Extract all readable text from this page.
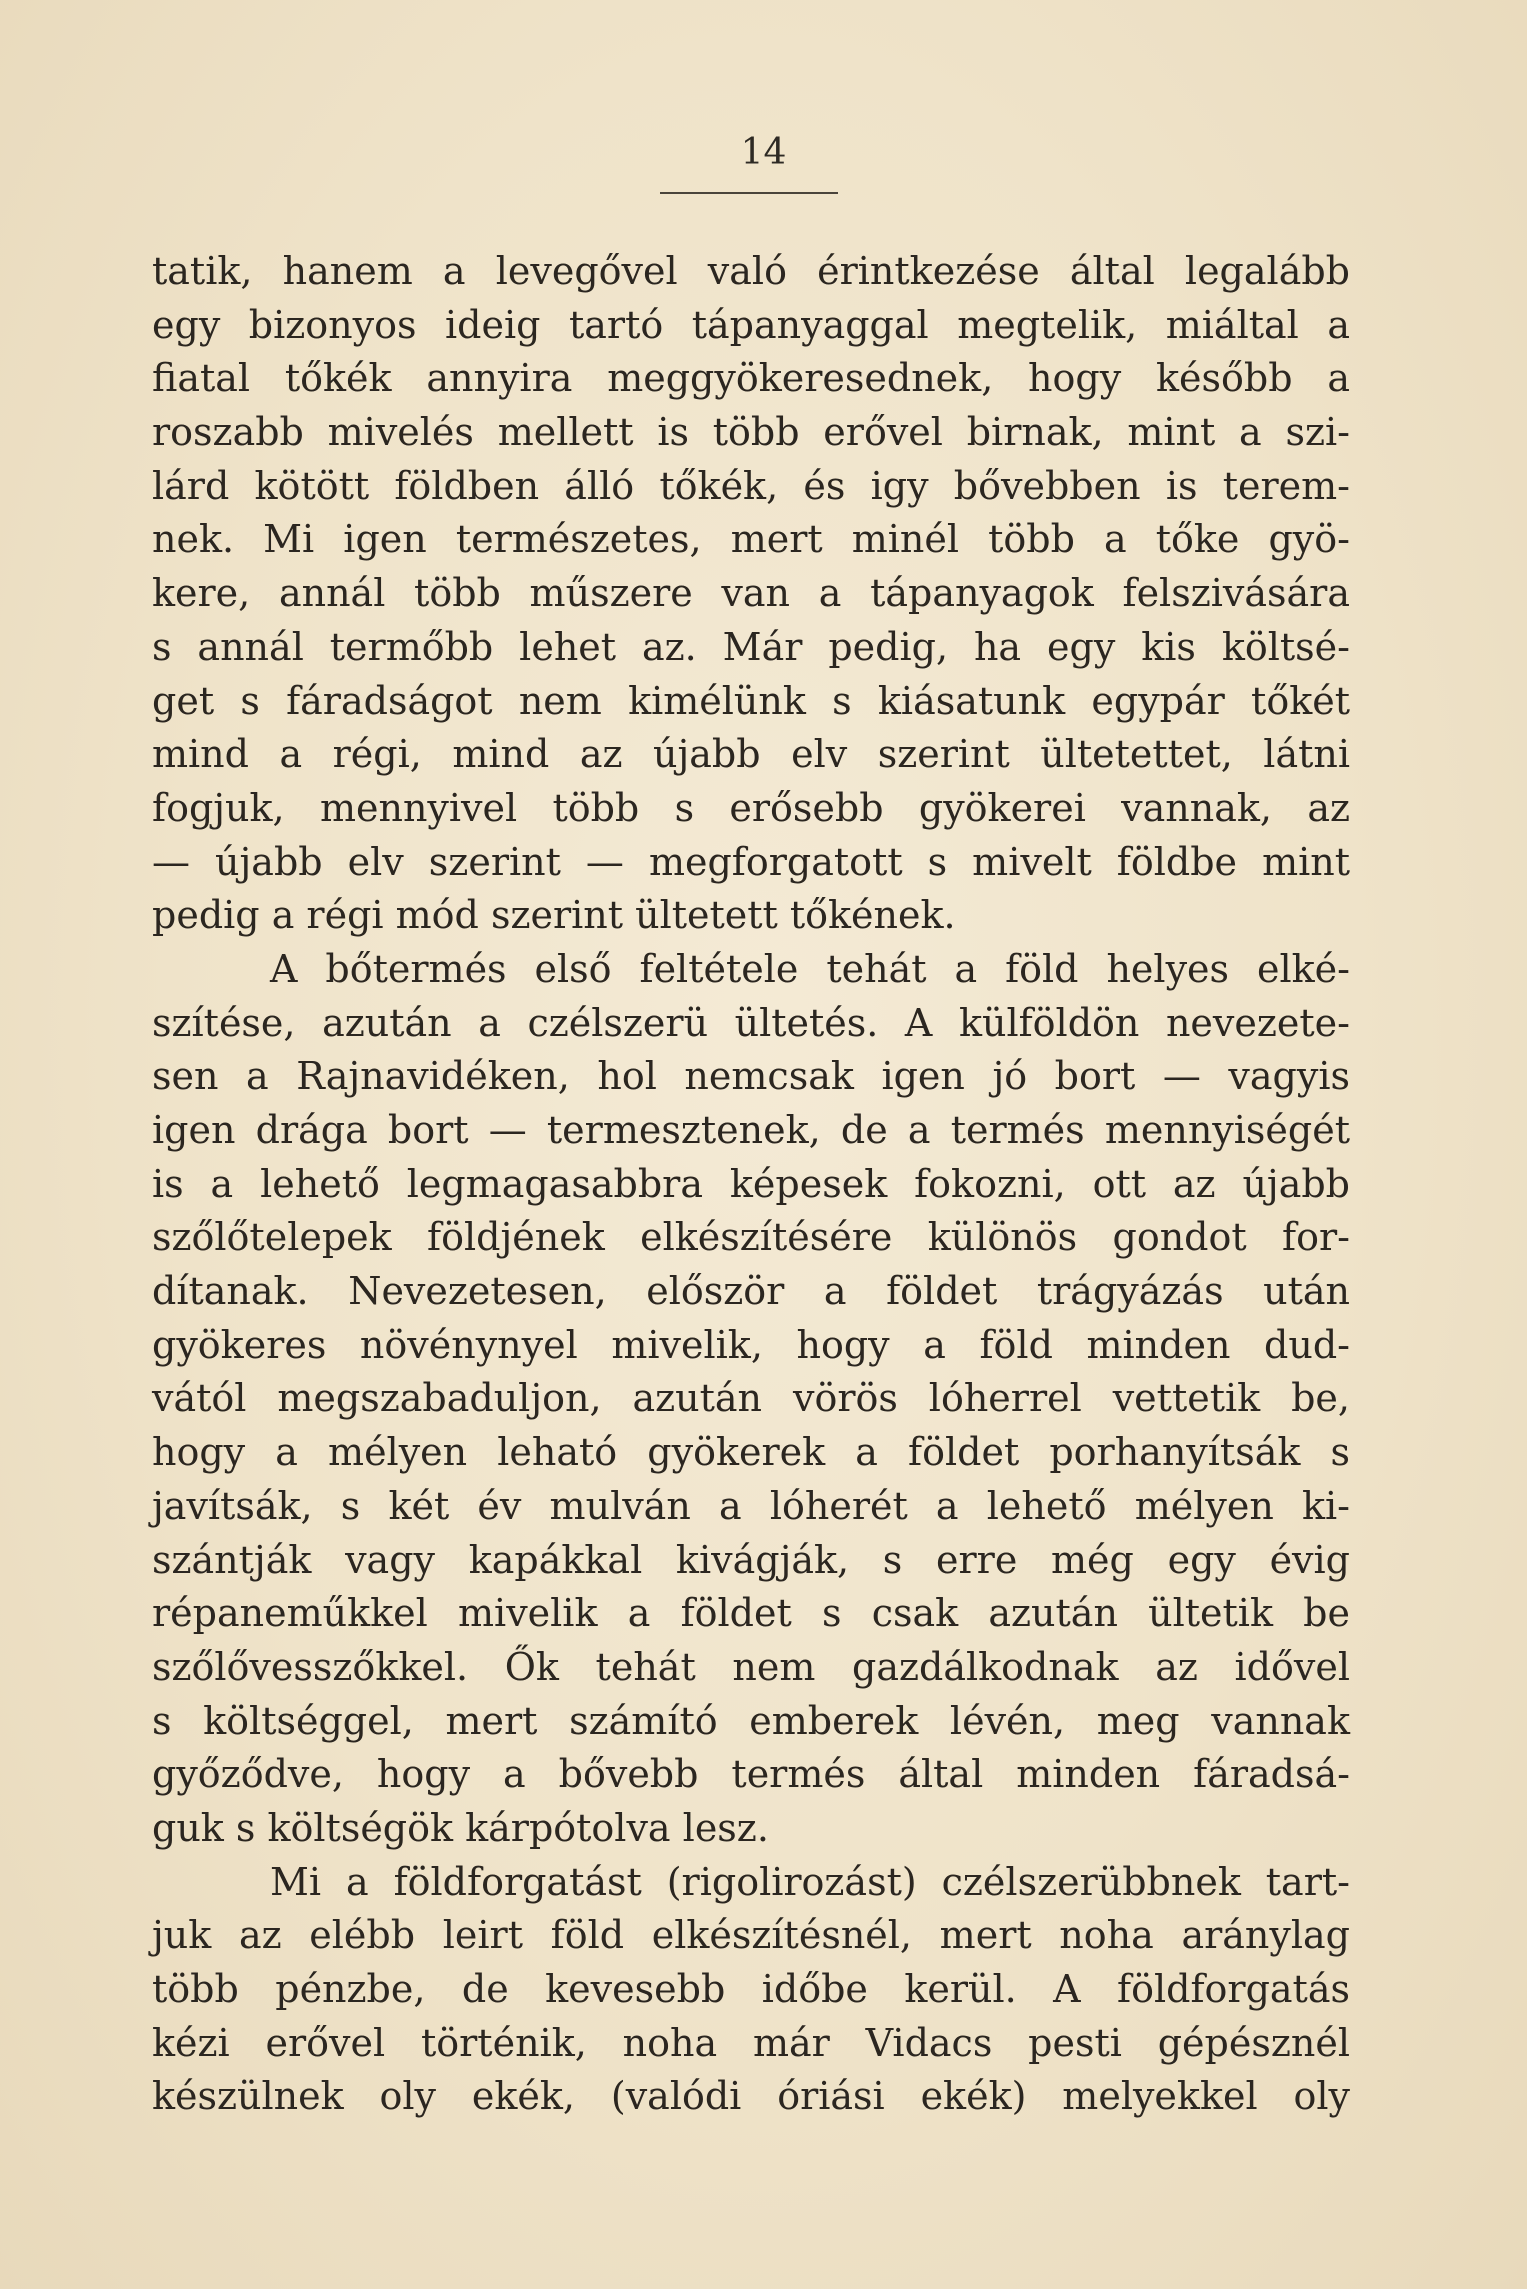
14
tatik, hanem a levegővel való érintkezése által legalább
egy bizonyos ideig tartó tápanyaggal megtelik, miáltal a
fiatal tőkék annyira meggyökeresednek, hogy később a
roszabb mivelés mellett is több erővel birnak, mint a szi-
lárd kötött földben álló tőkék, és igy bővebben is terem-
nek. Mi igen természetes, mert minél több a tőke gyö-
kere, annál több műszere van a tápanyagok felszivására
s annál termőbb lehet az. Már pedig, ha egy kis költsé-
get s fáradságot nem kimélünk s kiásatunk egypár tőkét
mind a régi, mind az újabb elv szerint ültetettet, látni
fogjuk, mennyivel több s erősebb gyökerei vannak, az
— újabb elv szerint — megforgatott s mivelt földbe mint
pedig a régi mód szerint ültetett tőkének.
A bőtermés első feltétele tehát a föld helyes elké-
szítése, azután a czélszerü ültetés. A külföldön nevezete-
sen a Rajnavidéken, hol nemcsak igen jó bort — vagyis
igen drága bort — termesztenek, de a termés mennyiségét
is a lehető legmagasabbra képesek fokozni, ott az újabb
szőlőtelepek földjének elkészítésére különös gondot for-
dítanak. Nevezetesen, először a földet trágyázás után
gyökeres növénynyel mivelik, hogy a föld minden dud-
vától megszabaduljon, azután vörös lóherrel vettetik be,
hogy a mélyen leható gyökerek a földet porhanyítsák s
javítsák, s két év mulván a lóherét a lehető mélyen ki-
szántják vagy kapákkal kivágják, s erre még egy évig
répaneműkkel mivelik a földet s csak azután ültetik be
szőlővesszőkkel. Ők tehát nem gazdálkodnak az idővel
s költséggel, mert számító emberek lévén, meg vannak
győződve, hogy a bővebb termés által minden fáradsá-
guk s költségök kárpótolva lesz.
Mi a földforgatást (rigolirozást) czélszerübbnek tart-
juk az elébb leirt föld elkészítésnél, mert noha aránylag
több pénzbe, de kevesebb időbe kerül. A földforgatás
kézi erővel történik, noha már Vidacs pesti gépésznél
készülnek oly ekék, (valódi óriási ekék) melyekkel oly
